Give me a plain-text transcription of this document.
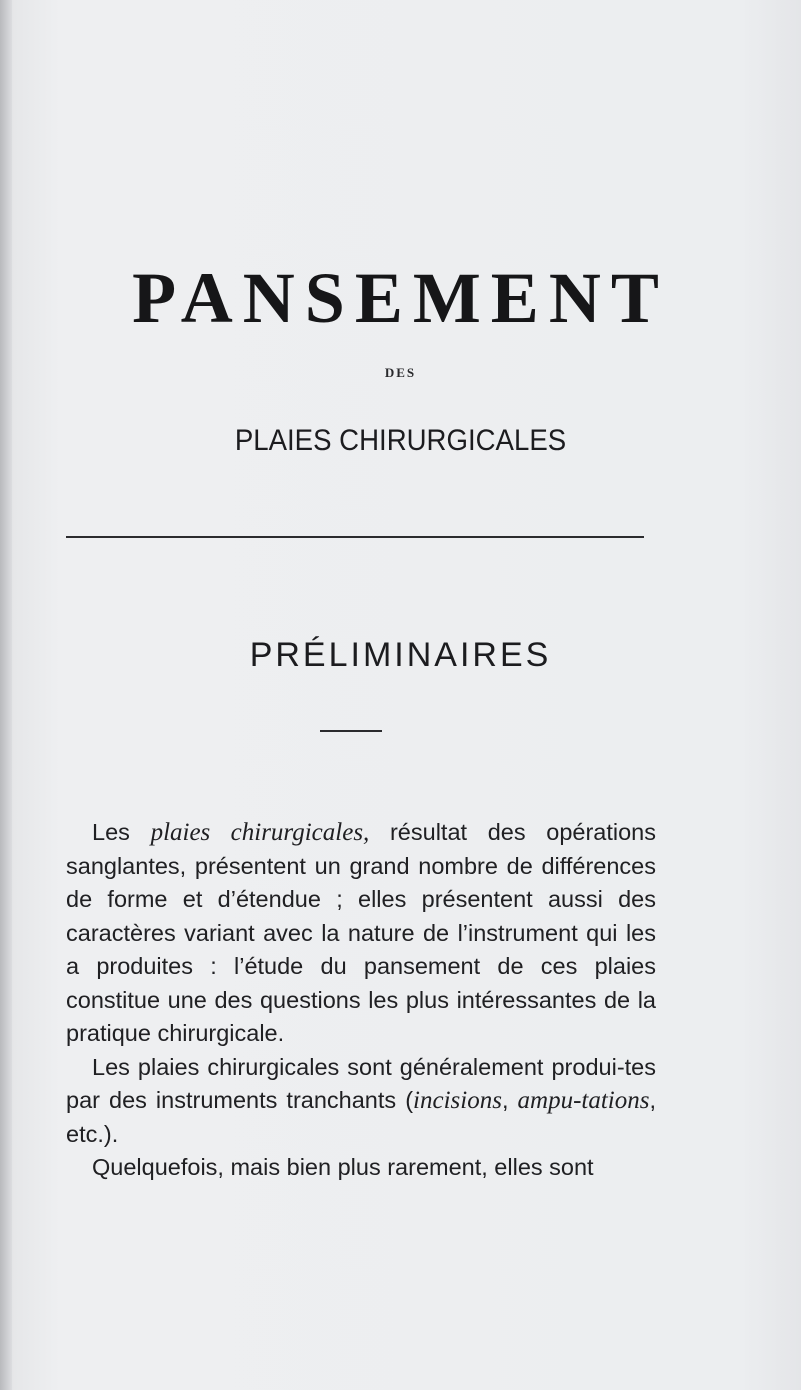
PANSEMENT
DES
PLAIES CHIRURGICALES
PRÉLIMINAIRES

Les plaies chirurgicales, résultat des opérations sanglantes, présentent un grand nombre de différences de forme et d’étendue ; elles présentent aussi des caractères variant avec la nature de l’instrument qui les a produites : l’étude du pansement de ces plaies constitue une des questions les plus intéressantes de la pratique chirurgicale.

Les plaies chirurgicales sont généralement produi-tes par des instruments tranchants (incisions, ampu-tations, etc.).

Quelquefois, mais bien plus rarement, elles sont
